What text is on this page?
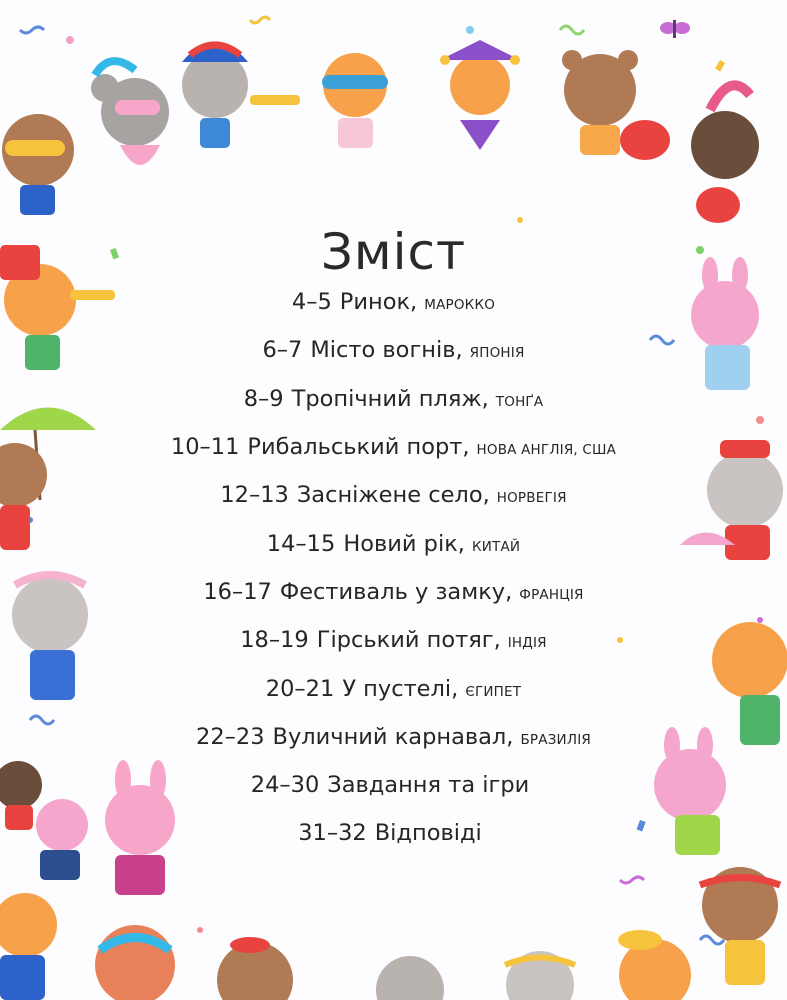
Зміст
4–5 Ринок, МАРОККО
6–7 Місто вогнів, ЯПОНІЯ
8–9 Тропічний пляж, ТОНҐА
10–11 Рибальський порт, НОВА АНГЛІЯ, США
12–13 Засніжене село, НОРВЕГІЯ
14–15 Новий рік, КИТАЙ
16–17 Фестиваль у замку, ФРАНЦІЯ
18–19 Гірський потяг, ІНДІЯ
20–21 У пустелі, ЄГИПЕТ
22–23 Вуличний карнавал, БРАЗИЛІЯ
24–30 Завдання та ігри
31–32 Відповіді
